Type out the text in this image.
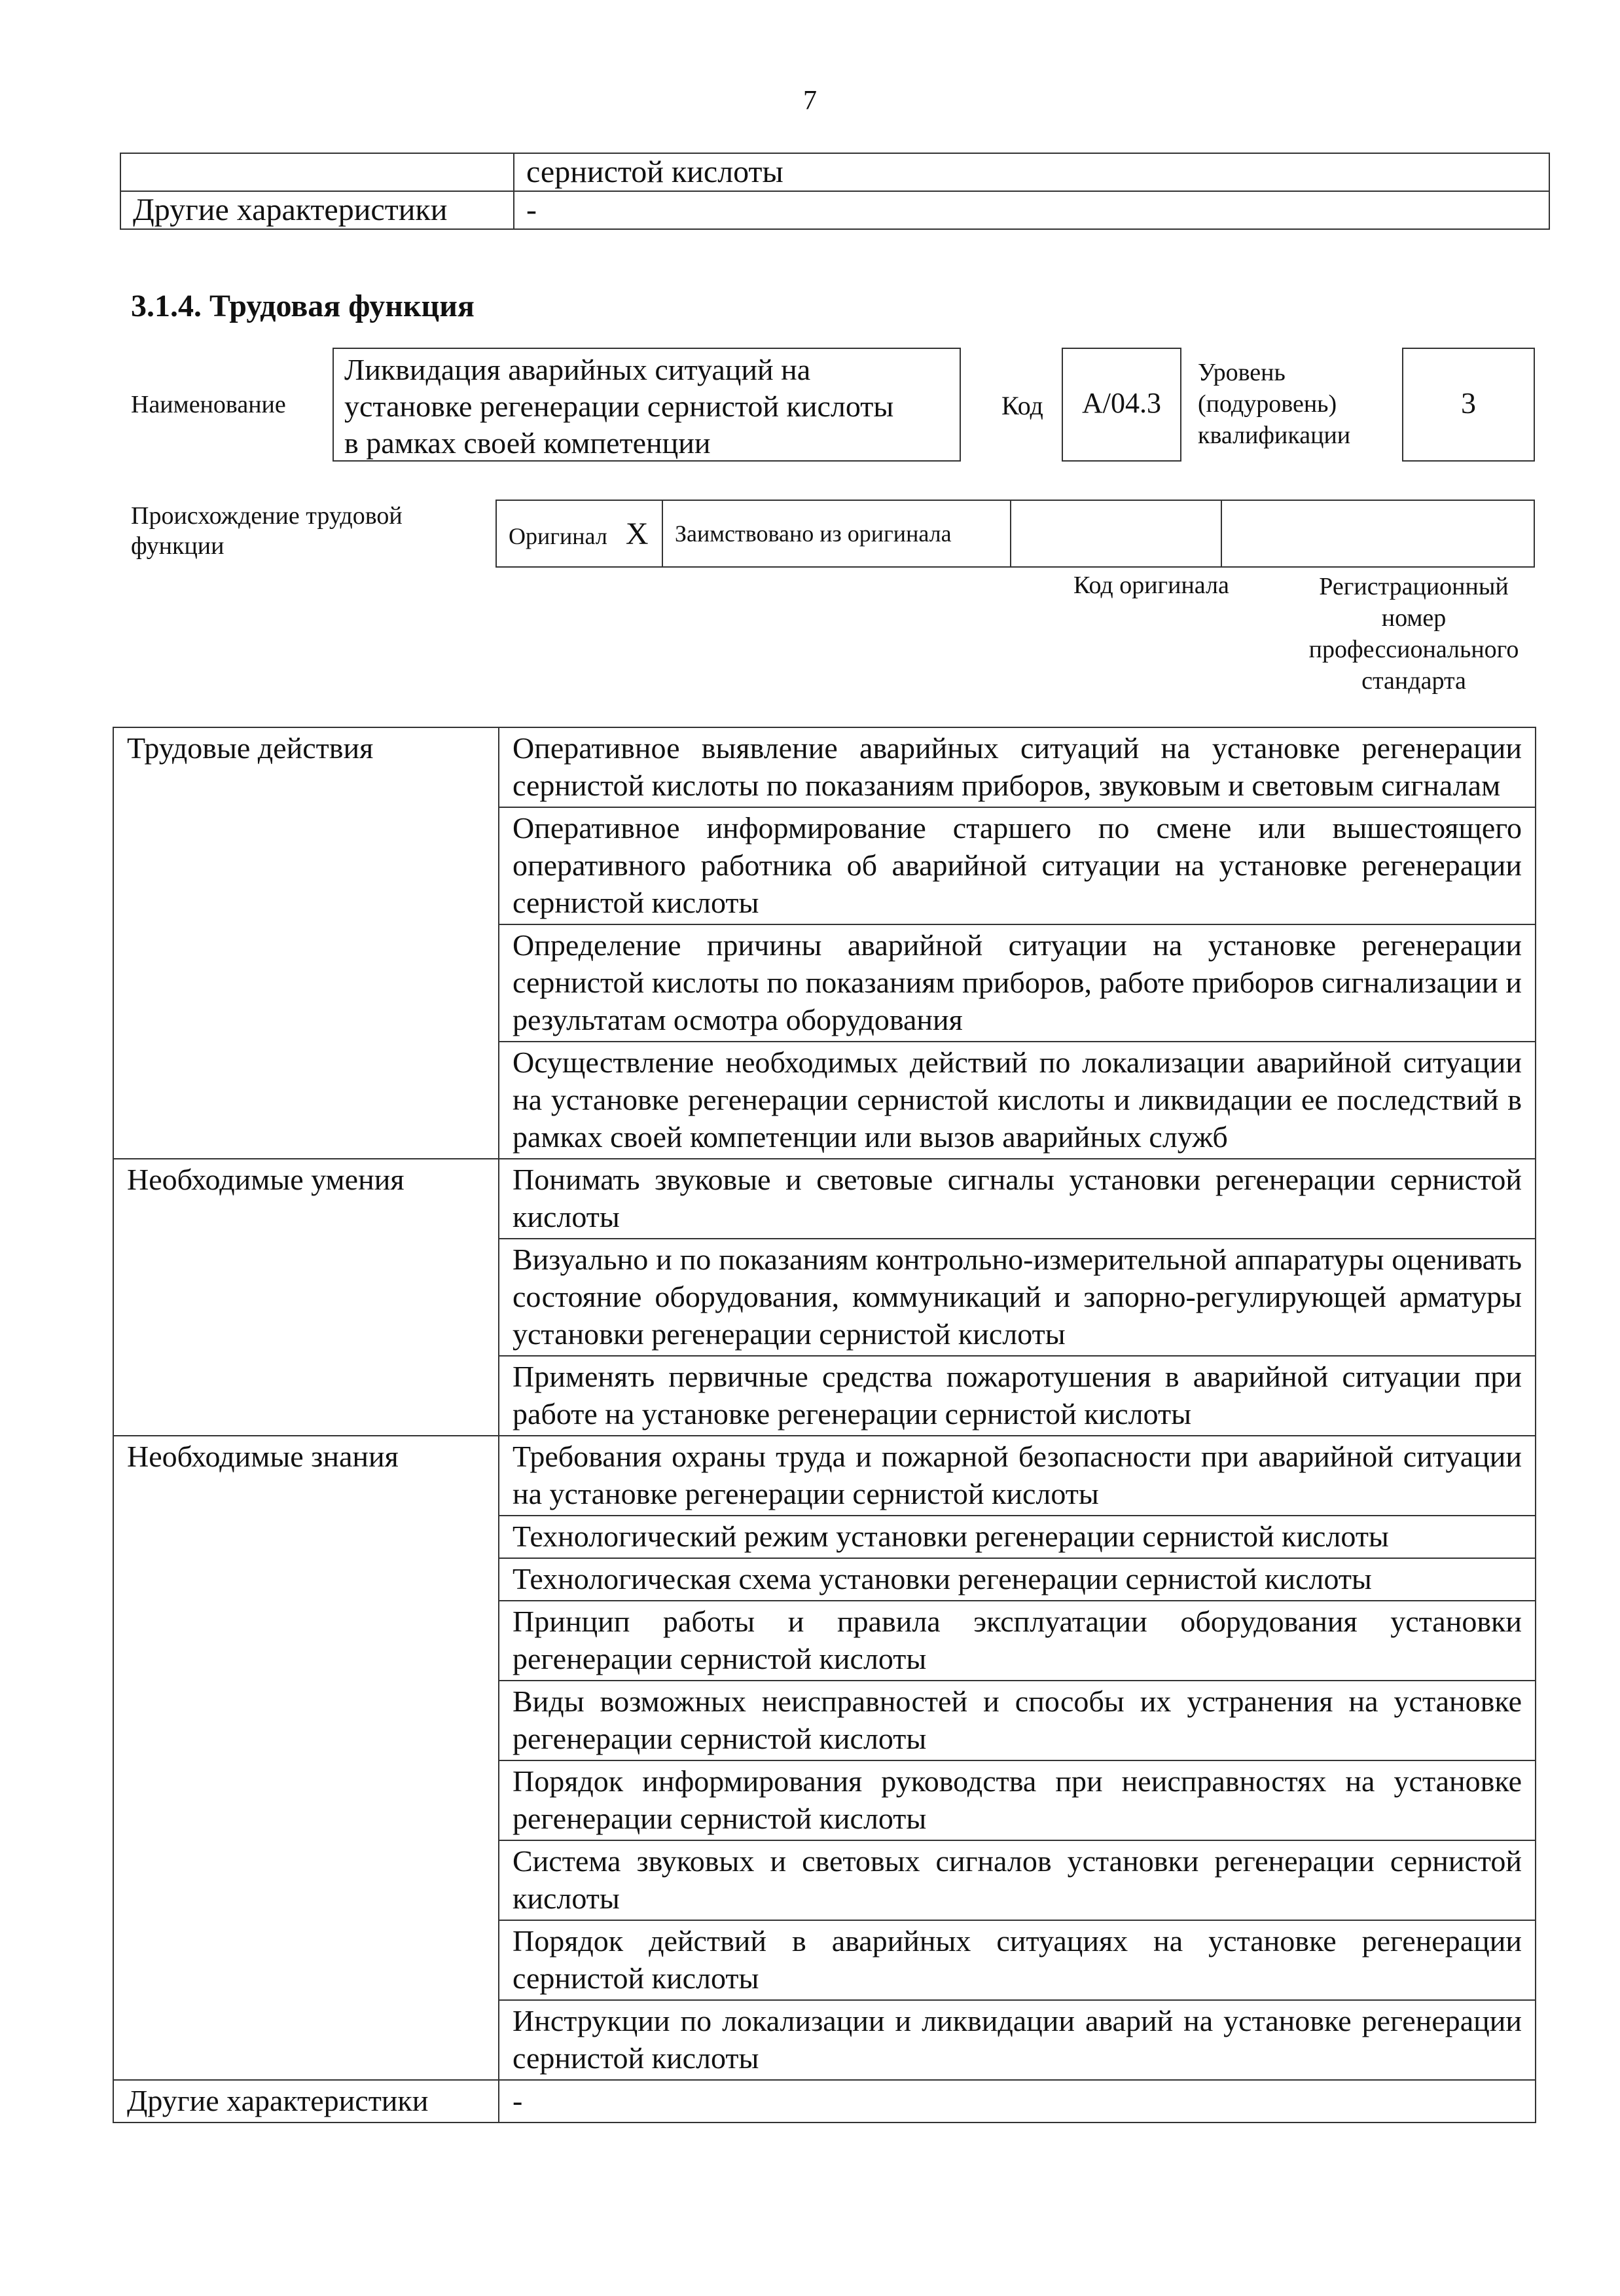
7
	сернистой кислоты
Другие характеристики	-
3.1.4. Трудовая функция
Наименование
Ликвидация аварийных ситуаций на
установке регенерации сернистой кислоты
в рамках своей компетенции
Код	A/04.3
Уровень
(подуровень)
квалификации
3
Происхождение трудовой
функции	Оригинал X	Заимствовано из оригинала		
Код оригинала	Регистрационный
номер
профессионального
стандарта
Трудовые действия	Оперативное выявление аварийных ситуаций на установке регенерации сернистой кислоты по показаниям приборов, звуковым и световым сигналам
	Оперативное информирование старшего по смене или вышестоящего оперативного работника об аварийной ситуации на установке регенерации сернистой кислоты
	Определение причины аварийной ситуации на установке регенерации сернистой кислоты по показаниям приборов, работе приборов сигнализации и результатам осмотра оборудования
	Осуществление необходимых действий по локализации аварийной ситуации на установке регенерации сернистой кислоты и ликвидации ее последствий в рамках своей компетенции или вызов аварийных служб
Необходимые умения	Понимать звуковые и световые сигналы установки регенерации сернистой кислоты
	Визуально и по показаниям контрольно-измерительной аппаратуры оценивать состояние оборудования, коммуникаций и запорно-регулирующей арматуры установки регенерации сернистой кислоты
	Применять первичные средства пожаротушения в аварийной ситуации при работе на установке регенерации сернистой кислоты
Необходимые знания	Требования охраны труда и пожарной безопасности при аварийной ситуации на установке регенерации сернистой кислоты
	Технологический режим установки регенерации сернистой кислоты
	Технологическая схема установки регенерации сернистой кислоты
	Принцип работы и правила эксплуатации оборудования установки регенерации сернистой кислоты
	Виды возможных неисправностей и способы их устранения на установке регенерации сернистой кислоты
	Порядок информирования руководства при неисправностях на установке регенерации сернистой кислоты
	Система звуковых и световых сигналов установки регенерации сернистой кислоты
	Порядок действий в аварийных ситуациях на установке регенерации сернистой кислоты
	Инструкции по локализации и ликвидации аварий на установке регенерации сернистой кислоты
Другие характеристики	-
